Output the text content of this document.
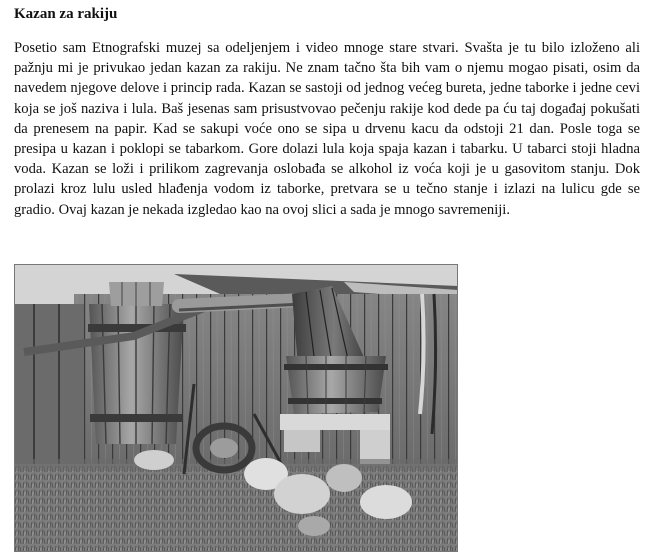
Kazan za rakiju

Posetio sam Etnografski muzej sa odeljenjem i video mnoge stare stvari. Svašta je tu bilo izloženo ali pažnju mi je privukao jedan kazan za rakiju. Ne znam tačno šta bih vam o njemu mogao pisati, osim da navedem njegove delove i princip rada. Kazan se sastoji od jednog većeg bureta, jedne taborke i jedne cevi koja se još naziva i lula. Baš jesenas sam prisustvovao pečenju rakije kod dede pa ću taj događaj pokušati da prenesem na papir. Kad se sakupi voće ono se sipa u drvenu kacu da odstoji 21 dan. Posle toga se presipa u kazan i poklopi se tabarkom. Gore dolazi lula koja spaja kazan i tabarku. U tabarci stoji hladna voda. Kazan se loži i prilikom zagrevanja oslobađa se alkohol iz voća koji je u gasovitom stanju. Dok prolazi kroz lulu usled hlađenja vodom iz taborke, pretvara se u tečno stanje i izlazi na lulicu gde se gradio. Ovaj kazan je nekada izgledao kao na ovoj slici a sada je mnogo savremeniji.
